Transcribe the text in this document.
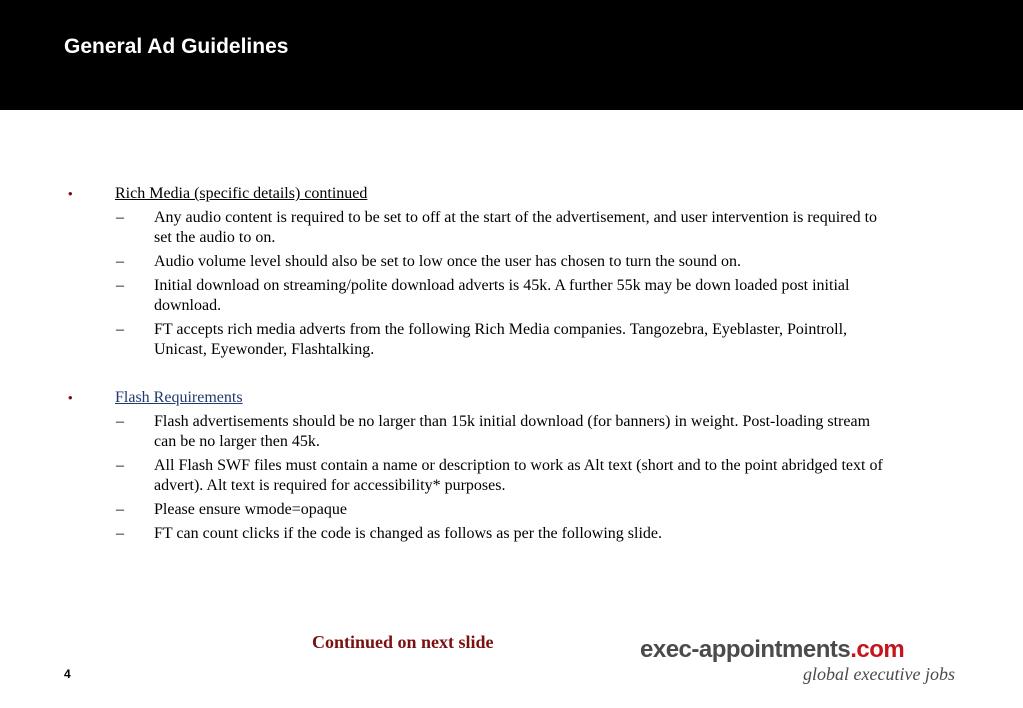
General Ad Guidelines
•	Rich Media (specific details) continued
– Any audio content is required to be set to off at the start of the advertisement, and user intervention is required to set the audio to on.
– Audio volume level should also be set to low once the user has chosen to turn the sound on.
– Initial download on streaming/polite download adverts is 45k. A further 55k may be down loaded post initial download.
– FT accepts rich media adverts from the following Rich Media companies. Tangozebra, Eyeblaster, Pointroll, Unicast, Eyewonder, Flashtalking.
•	Flash Requirements
– Flash advertisements should be no larger than 15k initial download (for banners) in weight. Post-loading stream can be no larger then 45k.
– All Flash SWF files must contain a name or description to work as Alt text (short and to the point abridged text of advert). Alt text is required for accessibility* purposes.
– Please ensure wmode=opaque
– FT can count clicks if the code is changed as follows as per the following slide.

Continued on next slide

4
exec-appointments.com
global executive jobs
